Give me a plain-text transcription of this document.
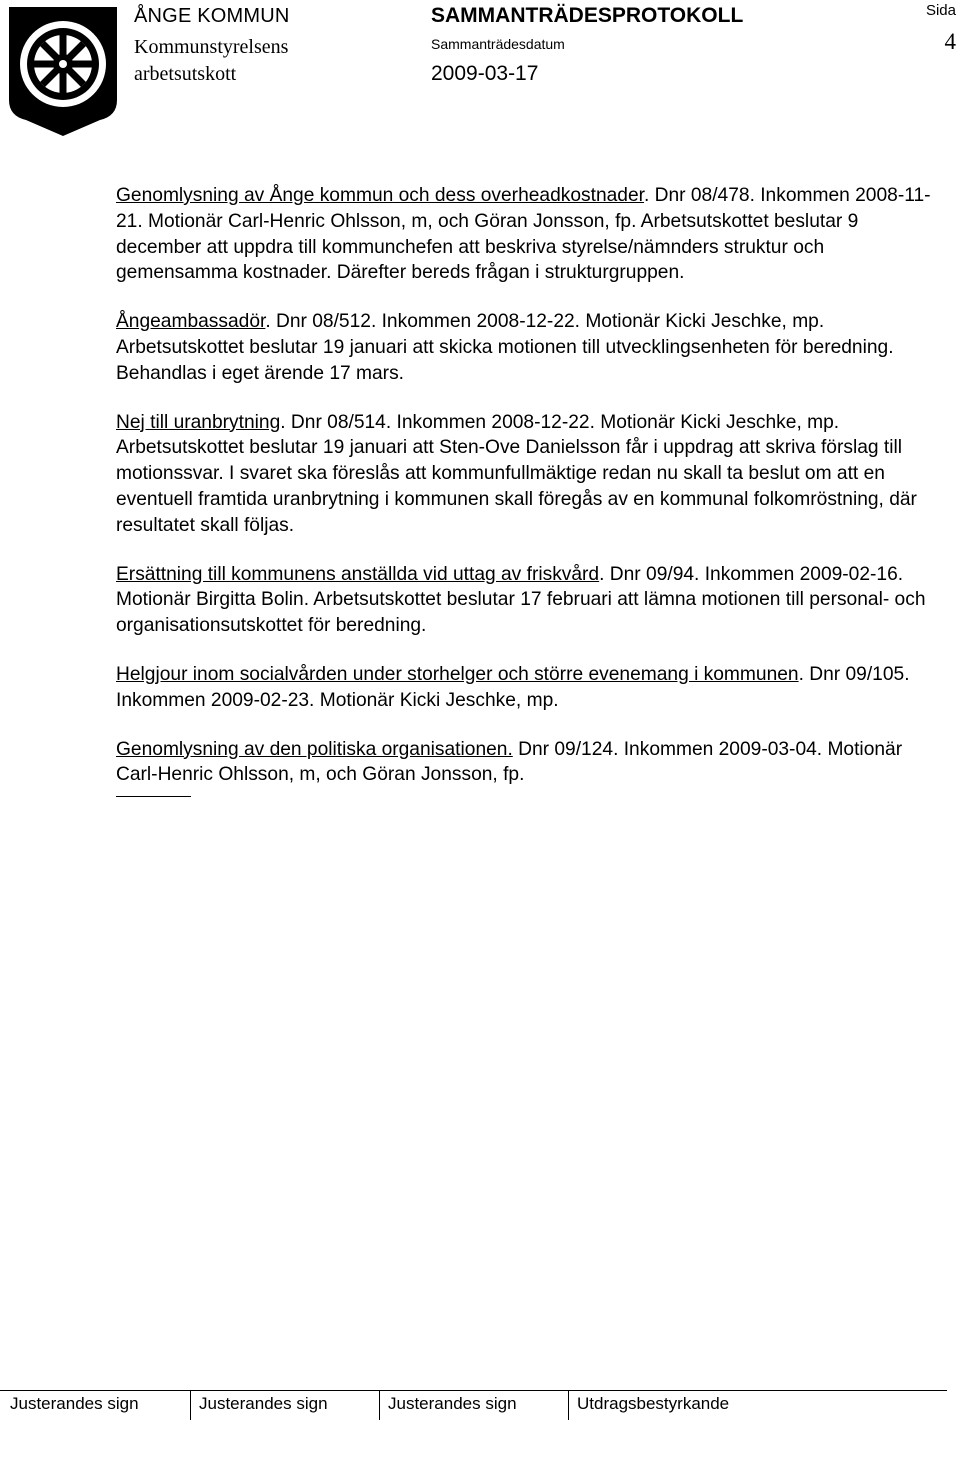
ÅNGE KOMMUN
Kommunstyrelsens
arbetsutskott
SAMMANTRÄDESPROTOKOLL
Sammanträdesdatum
2009-03-17
Sida
4

Genomlysning av Ånge kommun och dess overheadkostnader. Dnr 08/478. Inkommen 2008-11-21. Motionär Carl-Henric Ohlsson, m, och Göran Jonsson, fp. Arbetsutskottet beslutar 9 december att uppdra till kommunchefen att beskriva styrelse/nämnders struktur och gemensamma kostnader. Därefter bereds frågan i strukturgruppen.

Ångeambassadör. Dnr 08/512. Inkommen 2008-12-22. Motionär Kicki Jeschke, mp. Arbetsutskottet beslutar 19 januari att skicka motionen till utvecklingsenheten för beredning. Behandlas i eget ärende 17 mars.

Nej till uranbrytning. Dnr 08/514. Inkommen 2008-12-22. Motionär Kicki Jeschke, mp. Arbetsutskottet beslutar 19 januari att Sten-Ove Danielsson får i uppdrag att skriva förslag till motionssvar. I svaret ska föreslås att kommunfullmäktige redan nu skall ta beslut om att en eventuell framtida uranbrytning i kommunen skall föregås av en kommunal folkomröstning, där resultatet skall följas.

Ersättning till kommunens anställda vid uttag av friskvård. Dnr 09/94. Inkommen 2009-02-16. Motionär Birgitta Bolin. Arbetsutskottet beslutar 17 februari att lämna motionen till personal- och organisationsutskottet för beredning.

Helgjour inom socialvården under storhelger och större evenemang i kommunen. Dnr 09/105. Inkommen 2009-02-23. Motionär Kicki Jeschke, mp.

Genomlysning av den politiska organisationen. Dnr 09/124. Inkommen 2009-03-04. Motionär Carl-Henric Ohlsson, m, och Göran Jonsson, fp.

Justerandes sign	Justerandes sign	Justerandes sign	Utdragsbestyrkande
